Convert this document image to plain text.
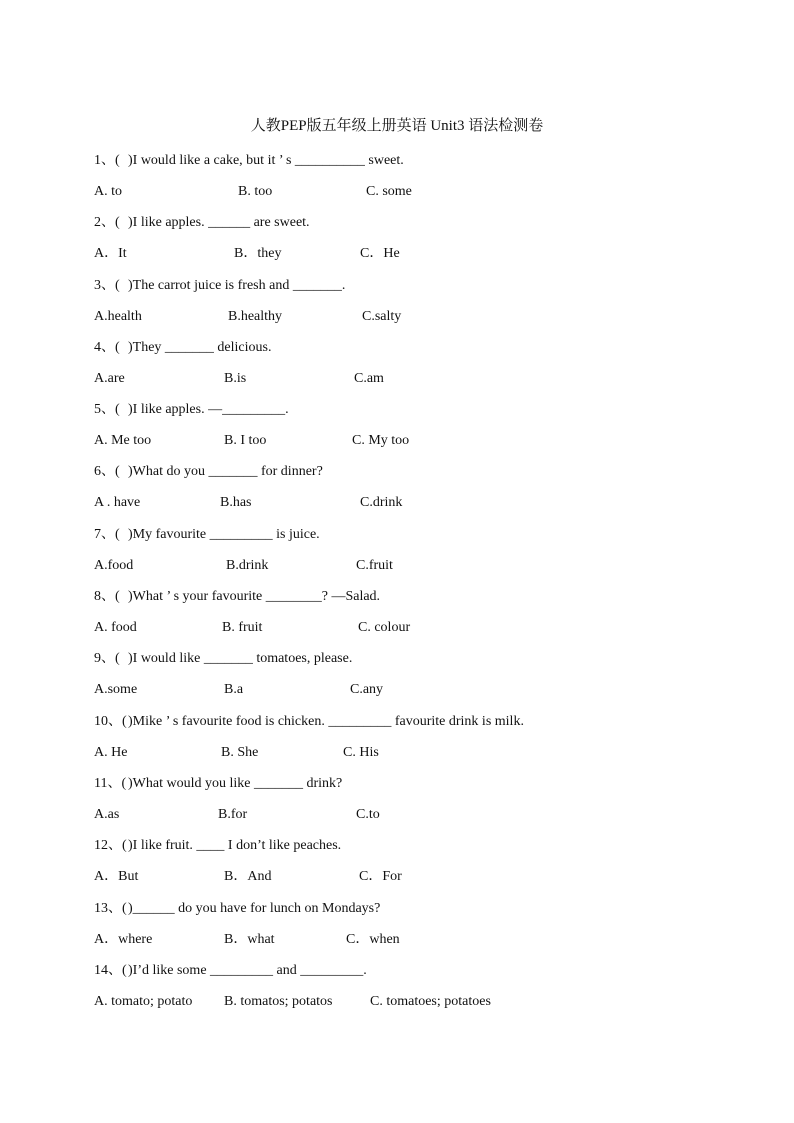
人教PEP版五年级上册英语 Unit3 语法检测卷
1、( )I would like a cake, but it ’ s __________ sweet.
A. to	B. too	C. some
2、( )I like apples. ______ are sweet.
A．It	B．they	C．He
3、( )The carrot juice is fresh and _______.
A.health	B.healthy	C.salty
4、( )They _______ delicious.
A.are	B.is	C.am
5、( )I like apples. —_________.
A. Me too	B. I too	C. My too
6、( )What do you _______ for dinner?
A . have	B.has	C.drink
7、( )My favourite _________ is juice.
A.food	B.drink	C.fruit
8、( )What ’ s your favourite ________? —Salad.
A. food	B. fruit	C. colour
9、( )I would like _______ tomatoes, please.
A.some	B.a	C.any
10、()Mike ’ s favourite food is chicken. _________ favourite drink is milk.
A. He	B. She	C. His
11、( )What would you like _______ drink?
A.as	B.for	C.to
12、()I like fruit. ____ I don’t like peaches.
A．But	B．And	C．For
13、()______ do you have for lunch on Mondays?
A．where	B．what	C．when
14、()I’d like some _________ and _________.
A. tomato; potato B. tomatos; potatos	C. tomatoes; potatoes
